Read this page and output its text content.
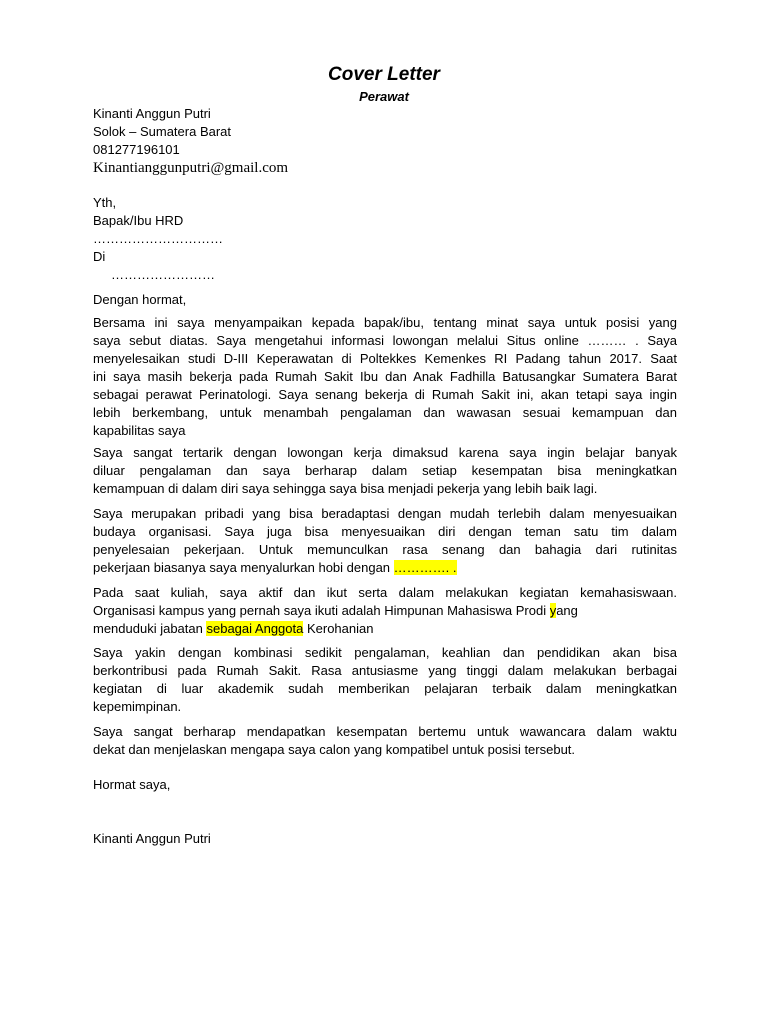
Cover Letter
Perawat
Kinanti Anggun Putri
Solok – Sumatera Barat
081277196101
Kinantianggunputri@gmail.com
Yth,
Bapak/Ibu HRD
…………………………
Di
……………………
Dengan hormat,
Bersama ini saya menyampaikan kepada bapak/ibu, tentang minat saya untuk posisi yang
saya sebut diatas. Saya mengetahui informasi lowongan melalui Situs online ……… . Saya
menyelesaikan studi D-III Keperawatan di Poltekkes Kemenkes RI Padang tahun 2017. Saat
ini saya masih bekerja pada Rumah Sakit Ibu dan Anak Fadhilla Batusangkar Sumatera Barat
sebagai perawat Perinatologi. Saya senang bekerja di Rumah Sakit ini, akan tetapi saya ingin
lebih berkembang, untuk menambah pengalaman dan wawasan sesuai kemampuan dan
kapabilitas saya
Saya sangat tertarik dengan lowongan kerja dimaksud karena saya ingin belajar banyak
diluar pengalaman dan saya berharap dalam setiap kesempatan bisa meningkatkan
kemampuan di dalam diri saya sehingga saya bisa menjadi pekerja yang lebih baik lagi.
Saya merupakan pribadi yang bisa beradaptasi dengan mudah terlebih dalam menyesuaikan
budaya organisasi. Saya juga bisa menyesuaikan diri dengan teman satu tim dalam
penyelesaian pekerjaan. Untuk memunculkan rasa senang dan bahagia dari rutinitas
pekerjaan biasanya saya menyalurkan hobi dengan …………. .
Pada saat kuliah, saya aktif dan ikut serta dalam melakukan kegiatan kemahasiswaan.
Organisasi kampus yang pernah saya ikuti adalah Himpunan Mahasiswa Prodi yang
menduduki jabatan sebagai Anggota Kerohanian
Saya yakin dengan kombinasi sedikit pengalaman, keahlian dan pendidikan akan bisa
berkontribusi pada Rumah Sakit. Rasa antusiasme yang tinggi dalam melakukan berbagai
kegiatan di luar akademik sudah memberikan pelajaran terbaik dalam meningkatkan
kepemimpinan.
Saya sangat berharap mendapatkan kesempatan bertemu untuk wawancara dalam waktu
dekat dan menjelaskan mengapa saya calon yang kompatibel untuk posisi tersebut.
Hormat saya,
Kinanti Anggun Putri
